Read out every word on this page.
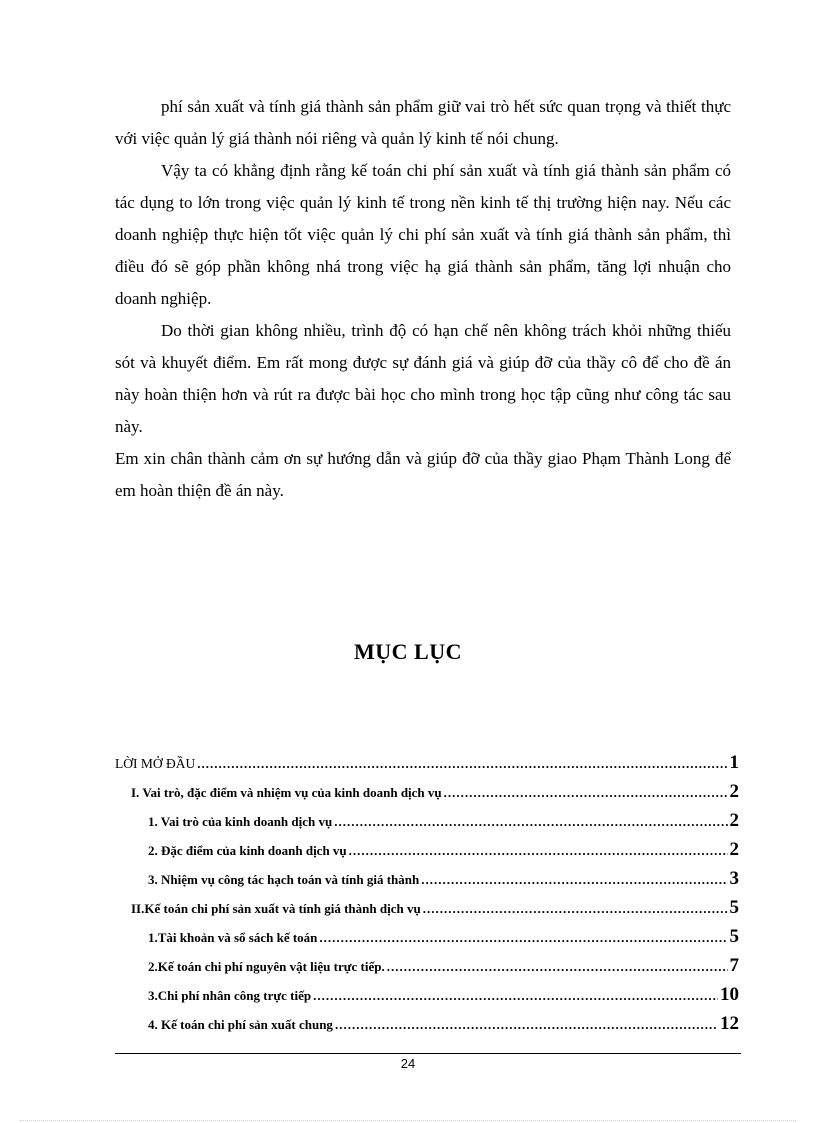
phí sản xuất và tính giá thành sản phẩm giữ vai trò hết sức quan trọng và thiết thực với việc quản lý giá thành nói riêng và quản lý kinh tế nói chung.

Vậy ta có khẳng định rằng kế toán chi phí sản xuất và tính giá thành sản phẩm có tác dụng to lớn trong việc quản lý kinh tế trong nền kinh tế thị trường hiện nay. Nếu các doanh nghiệp thực hiện tốt việc quản lý chi phí sản xuất và tính giá thành sản phẩm, thì điều đó sẽ góp phần không nhá trong việc hạ giá thành sản phẩm, tăng lợi nhuận cho doanh nghiệp.

Do thời gian không nhiều, trình độ có hạn chế nên không trách khỏi những thiếu sót và khuyết điểm. Em rất mong được sự đánh giá và giúp đỡ của thầy cô để cho đề án này hoàn thiện hơn và rút ra được bài học cho mình trong học tập cũng như công tác sau này.

Em xin chân thành cảm ơn sự hướng dẫn và giúp đỡ của thầy giao Phạm Thành Long để em hoàn thiện đề án này.

MỤC LỤC
LỜI MỞ ĐẦU .....	1
I. Vai trò, đặc điểm và nhiệm vụ của kinh doanh dịch vụ .....	2
1. Vai trò của kinh doanh dịch vụ .....	2
2. Đặc điểm của kinh doanh dịch vụ .....	2
3. Nhiệm vụ công tác hạch toán và tính giá thành .....	3
II.Kế toán chi phí sản xuất và tính giá thành dịch vụ .....	5
1.Tài khoản và sổ sách kế toán .....	5
2.Kế toán chi phí nguyên vật liệu trực tiếp. .....	7
3.Chi phí nhân công trực tiếp .....	10
4. Kế toán chi phí sản xuất chung .....	12
24
